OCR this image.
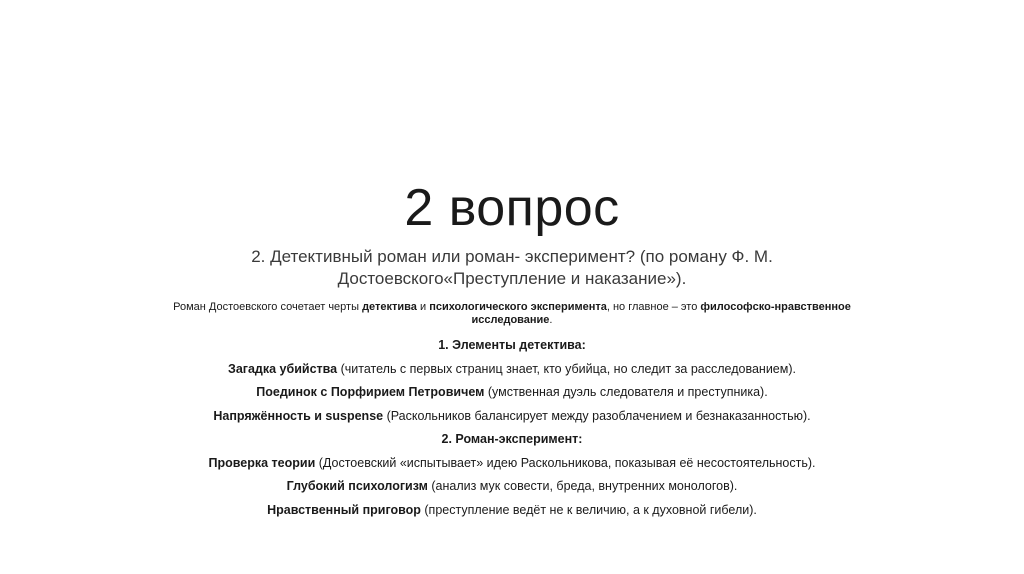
2 вопрос
2. Детективный роман или роман- эксперимент? (по роману Ф. М.
Достоевского«Преступление и наказание»).
Роман Достоевского сочетает черты детектива и психологического эксперимента, но главное – это философско-нравственное исследование.
1. Элементы детектива:
Загадка убийства (читатель с первых страниц знает, кто убийца, но следит за расследованием).
Поединок с Порфирием Петровичем (умственная дуэль следователя и преступника).
Напряжённость и suspense (Раскольников балансирует между разоблачением и безнаказанностью).
2. Роман-эксперимент:
Проверка теории (Достоевский «испытывает» идею Раскольникова, показывая её несостоятельность).
Глубокий психологизм (анализ мук совести, бреда, внутренних монологов).
Нравственный приговор (преступление ведёт не к величию, а к духовной гибели).
